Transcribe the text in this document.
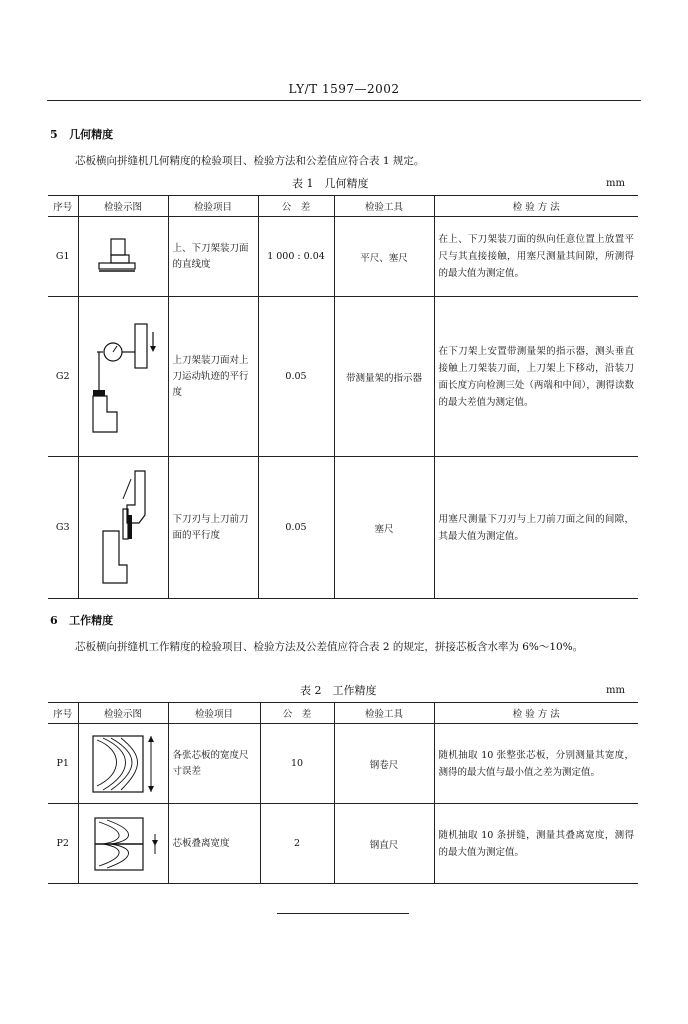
LY/T 1597—2002
5 几何精度
芯板横向拼缝机几何精度的检验项目、检验方法和公差值应符合表 1 规定。
表 1　几何精度	mm
序号	检验示图	检验项目	公　差	检验工具	检 验 方 法
G1		上、下刀架装刀面的直线度	1 000 : 0.04	平尺、塞尺	在上、下刀架装刀面的纵向任意位置上放置平尺与其直接接触，用塞尺测量其间隙，所测得的最大值为测定值。
G2		上刀架装刀面对上刀运动轨迹的平行度	0.05	带测量架的指示器	在下刀架上安置带测量架的指示器，测头垂直接触上刀架装刀面，上刀架上下移动，沿装刀面长度方向检测三处（两端和中间），测得读数的最大差值为测定值。
G3		下刀刃与上刀前刀面的平行度	0.05	塞尺	用塞尺测量下刀刃与上刀前刀面之间的间隙，其最大值为测定值。
6 工作精度
芯板横向拼缝机工作精度的检验项目、检验方法及公差值应符合表 2 的规定，拼接芯板含水率为 6%～10%。
表 2　工作精度	mm
序号	检验示图	检验项目	公　差	检验工具	检 验 方 法
P1		各张芯板的宽度尺寸误差	10	钢卷尺	随机抽取 10 张整张芯板，分别测量其宽度，测得的最大值与最小值之差为测定值。
P2		芯板叠离宽度	2	钢直尺	随机抽取 10 条拼缝，测量其叠离宽度，测得的最大值为测定值。
